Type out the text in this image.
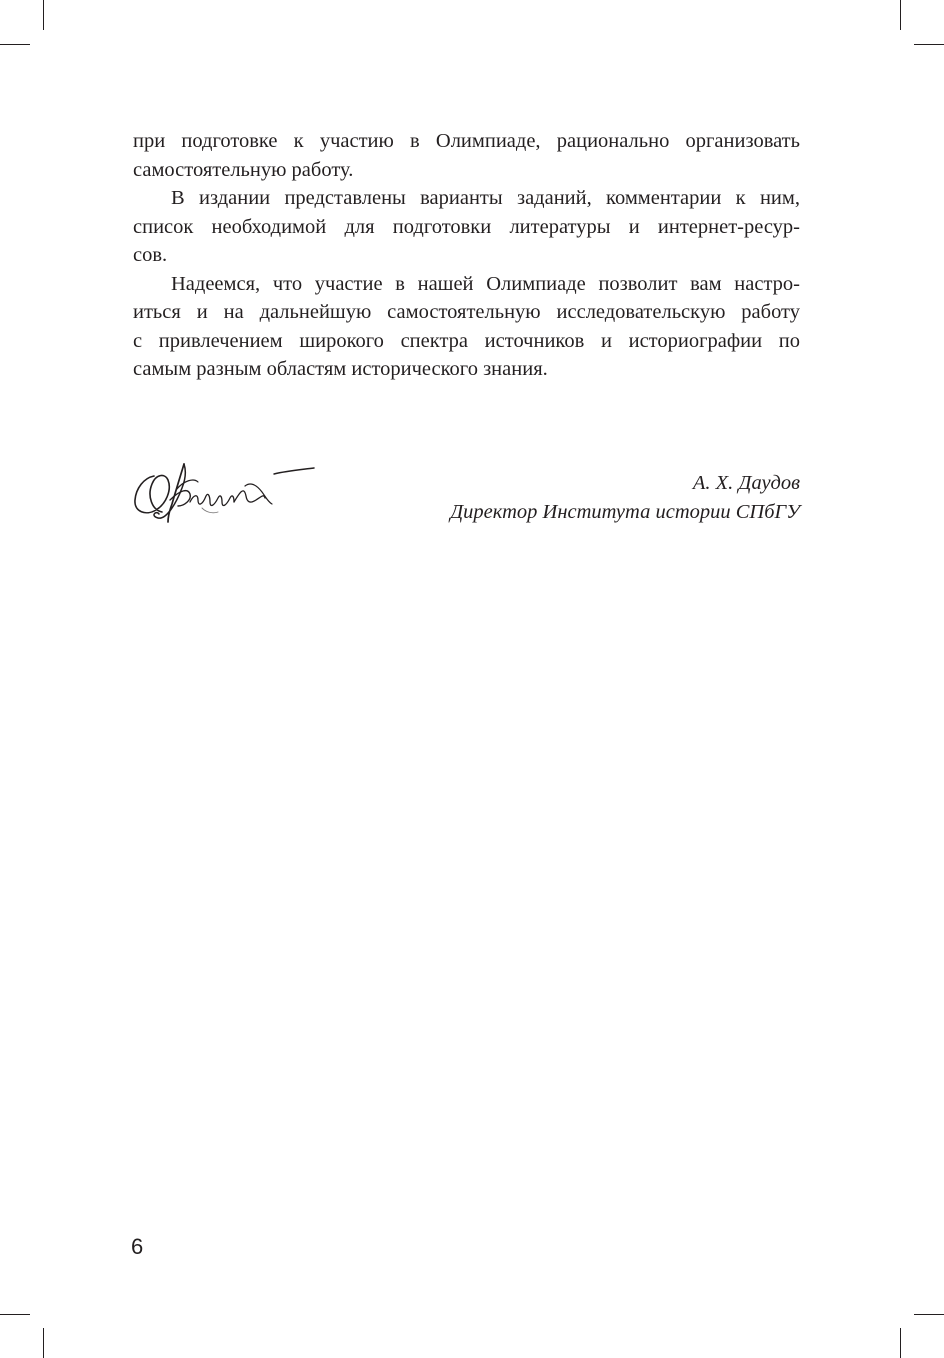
при подготовке к участию в Олимпиаде, рационально организовать
самостоятельную работу.

В издании представлены варианты заданий, комментарии к ним,
список необходимой для подготовки литературы и интернет-ресур-
сов.

Надеемся, что участие в нашей Олимпиаде позволит вам настро-
иться и на дальнейшую самостоятельную исследовательскую работу
с привлечением широкого спектра источников и историографии по
самым разным областям исторического знания.

А. Х. Даудов
Директор Института истории СПбГУ
6
